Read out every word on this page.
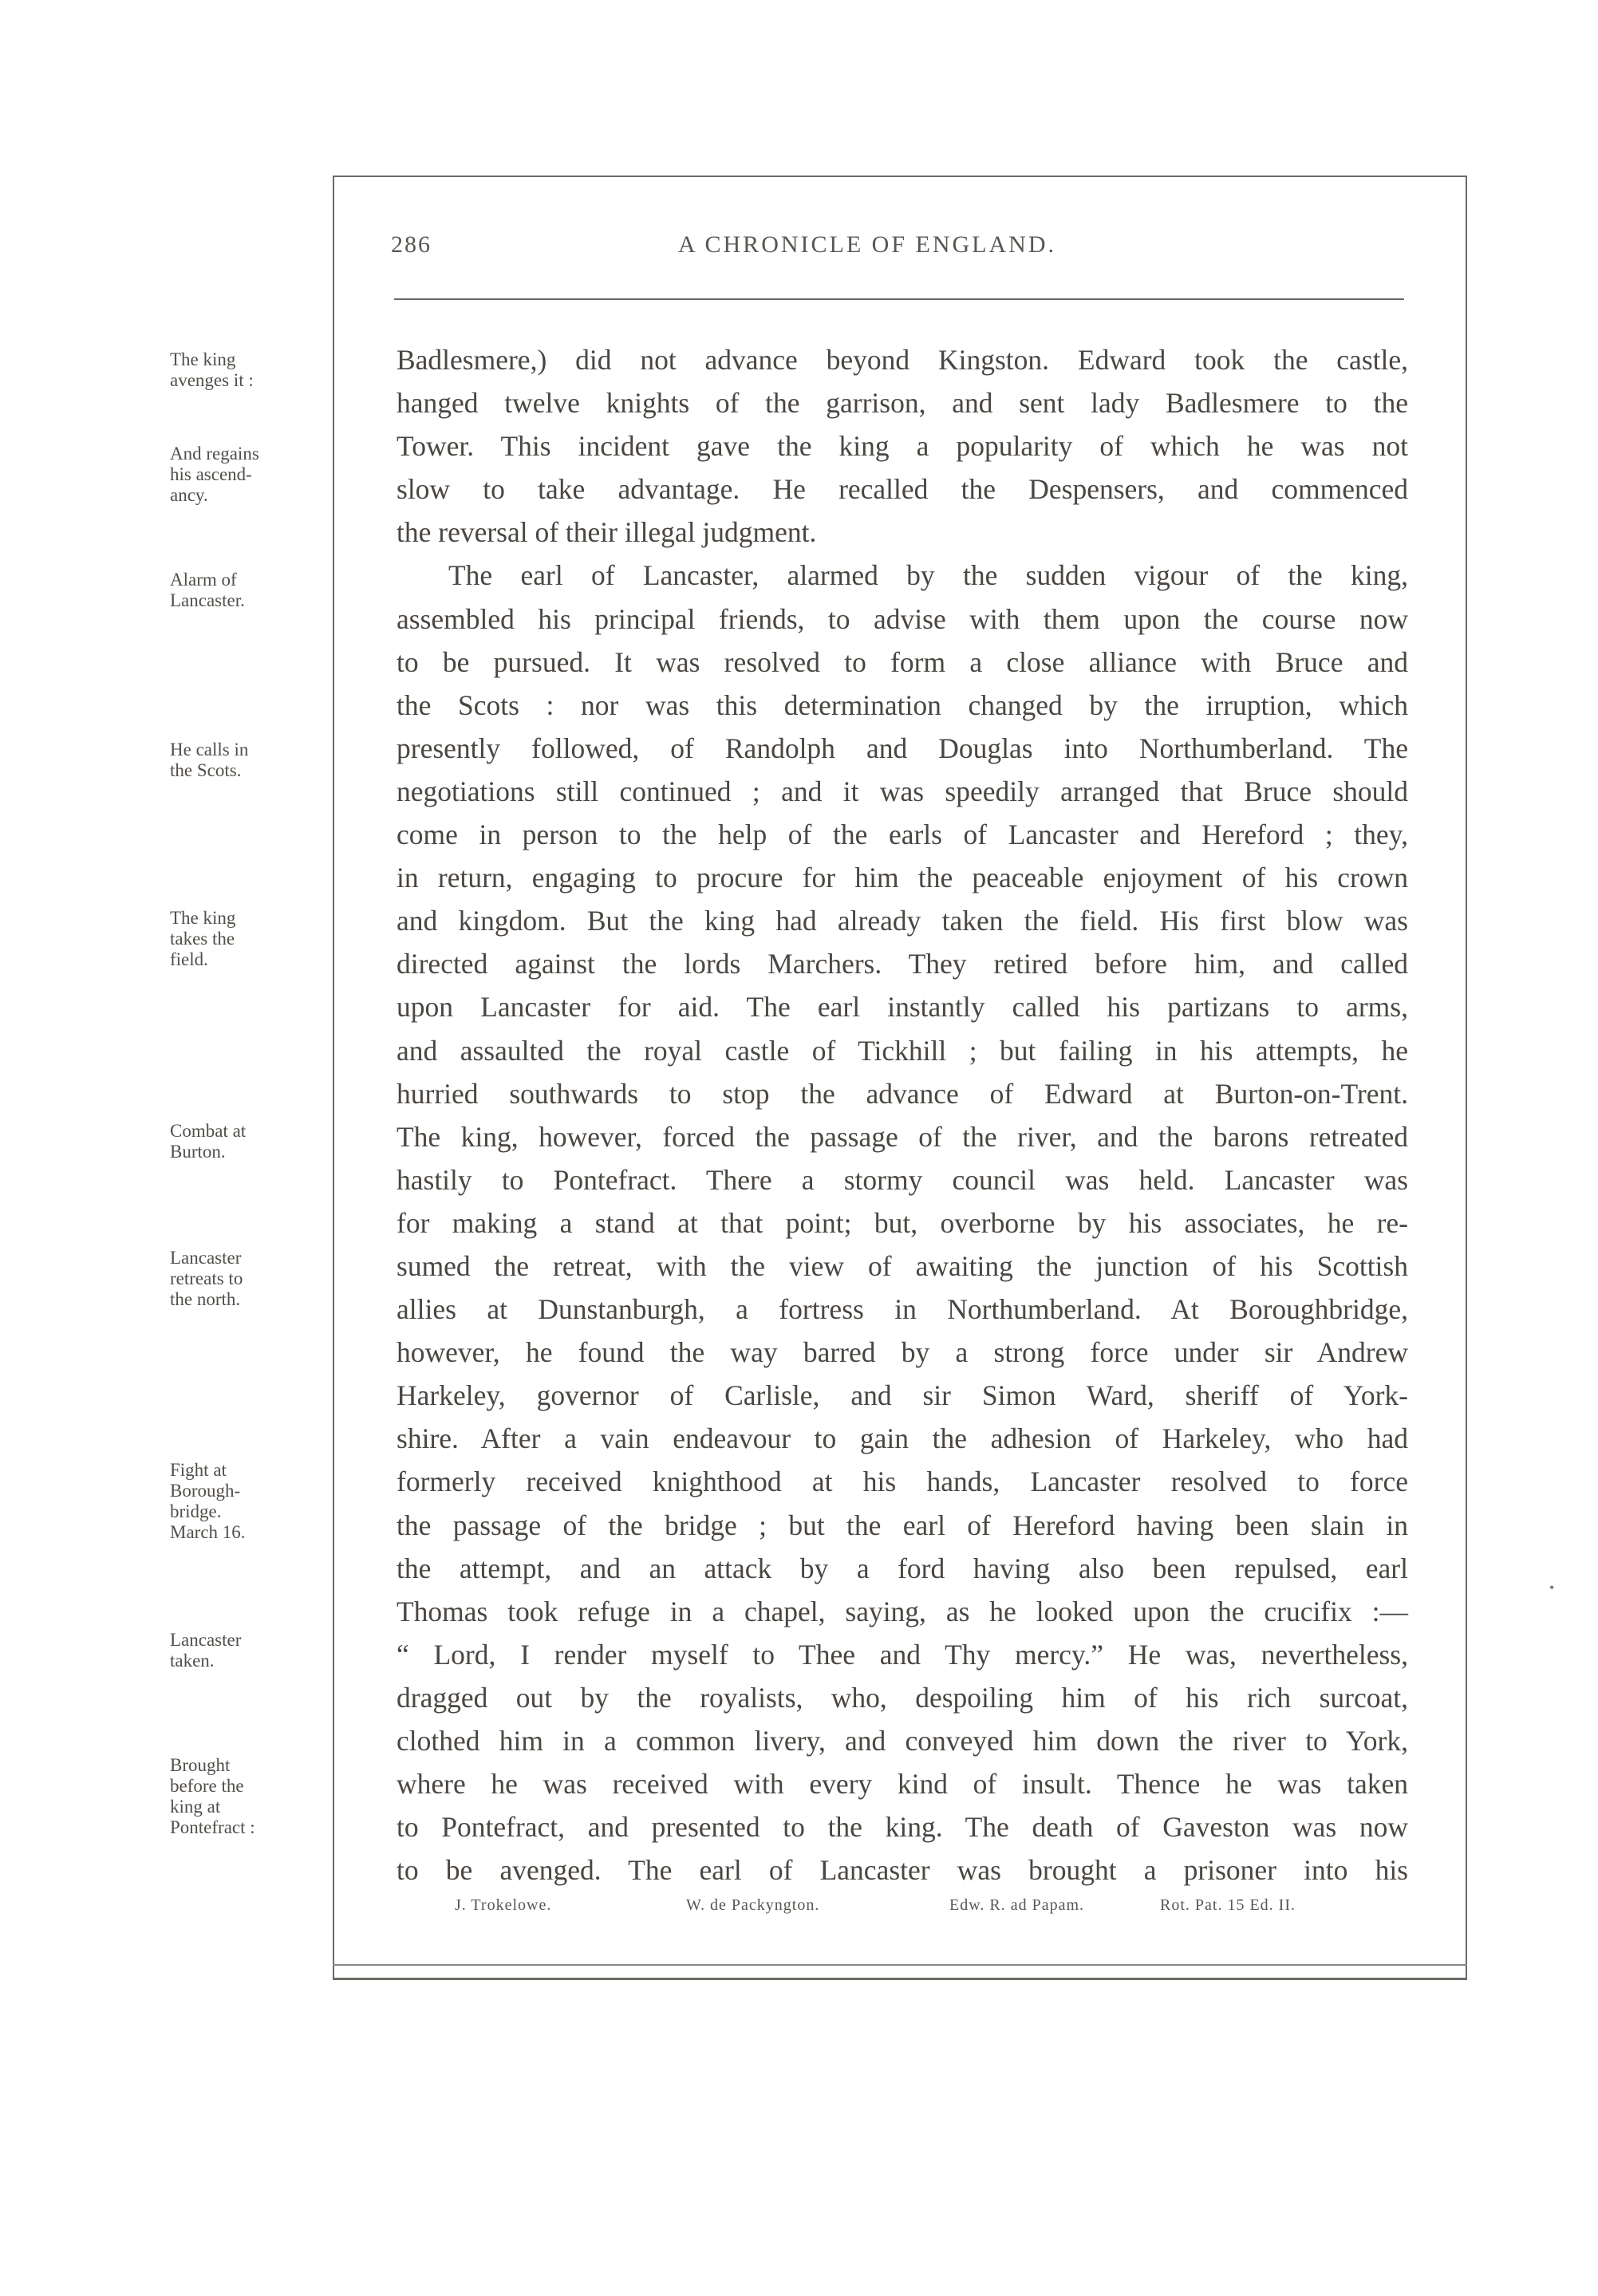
286	A CHRONICLE OF ENGLAND.
The king
avenges it :
And regains
his ascend-
ancy.
Alarm of
Lancaster.
He calls in
the Scots.
The king
takes the
field.
Combat at
Burton.
Lancaster
retreats to
the north.
Fight at
Borough-
bridge.
March 16.
Lancaster
taken.
Brought
before the
king at
Pontefract :
Badlesmere,) did not advance beyond Kingston. Edward took the castle,
hanged twelve knights of the garrison, and sent lady Badlesmere to the
Tower. This incident gave the king a popularity of which he was not
slow to take advantage. He recalled the Despensers, and commenced
the reversal of their illegal judgment.
The earl of Lancaster, alarmed by the sudden vigour of the king,
assembled his principal friends, to advise with them upon the course now
to be pursued. It was resolved to form a close alliance with Bruce and
the Scots : nor was this determination changed by the irruption, which
presently followed, of Randolph and Douglas into Northumberland. The
negotiations still continued ; and it was speedily arranged that Bruce should
come in person to the help of the earls of Lancaster and Hereford ; they,
in return, engaging to procure for him the peaceable enjoyment of his crown
and kingdom. But the king had already taken the field. His first blow was
directed against the lords Marchers. They retired before him, and called
upon Lancaster for aid. The earl instantly called his partizans to arms,
and assaulted the royal castle of Tickhill ; but failing in his attempts, he
hurried southwards to stop the advance of Edward at Burton-on-Trent.
The king, however, forced the passage of the river, and the barons retreated
hastily to Pontefract. There a stormy council was held. Lancaster was
for making a stand at that point; but, overborne by his associates, he re-
sumed the retreat, with the view of awaiting the junction of his Scottish
allies at Dunstanburgh, a fortress in Northumberland. At Boroughbridge,
however, he found the way barred by a strong force under sir Andrew
Harkeley, governor of Carlisle, and sir Simon Ward, sheriff of York-
shire. After a vain endeavour to gain the adhesion of Harkeley, who had
formerly received knighthood at his hands, Lancaster resolved to force
the passage of the bridge ; but the earl of Hereford having been slain in
the attempt, and an attack by a ford having also been repulsed, earl
Thomas took refuge in a chapel, saying, as he looked upon the crucifix :—
“ Lord, I render myself to Thee and Thy mercy.” He was, nevertheless,
dragged out by the royalists, who, despoiling him of his rich surcoat,
clothed him in a common livery, and conveyed him down the river to York,
where he was received with every kind of insult. Thence he was taken
to Pontefract, and presented to the king. The death of Gaveston was now
to be avenged. The earl of Lancaster was brought a prisoner into his
J. Trokelowe.	W. de Packyngton.	Edw. R. ad Papam.	Rot. Pat. 15 Ed. II.
•
